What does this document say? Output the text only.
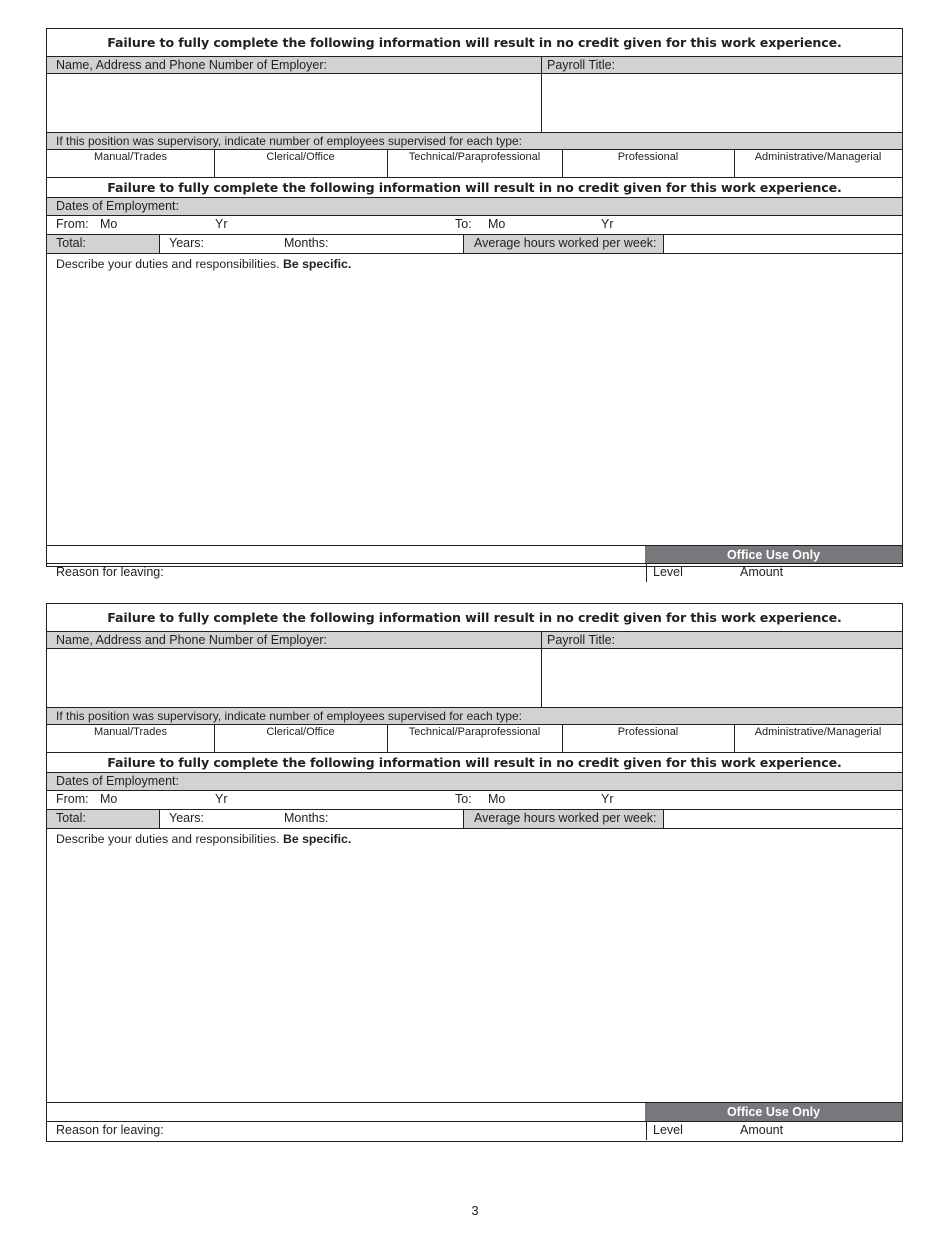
Failure to fully complete the following information will result in no credit given for this work experience.
Name, Address and Phone Number of Employer:	Payroll Title:
If this position was supervisory, indicate number of employees supervised for each type:
Manual/Trades	Clerical/Office	Technical/Paraprofessional	Professional	Administrative/Managerial
Failure to fully complete the following information will result in no credit given for this work experience.
Dates of Employment:
From: Mo	Yr	To: Mo	Yr
Total:	Years:	Months:	Average hours worked per week:
Describe your duties and responsibilities. Be specific.
Office Use Only
Reason for leaving:	Level	Amount
Failure to fully complete the following information will result in no credit given for this work experience.
Name, Address and Phone Number of Employer:	Payroll Title:
If this position was supervisory, indicate number of employees supervised for each type:
Manual/Trades	Clerical/Office	Technical/Paraprofessional	Professional	Administrative/Managerial
Failure to fully complete the following information will result in no credit given for this work experience.
Dates of Employment:
From: Mo	Yr	To: Mo	Yr
Total:	Years:	Months:	Average hours worked per week:
Describe your duties and responsibilities. Be specific.
Office Use Only
Reason for leaving:	Level	Amount
3
